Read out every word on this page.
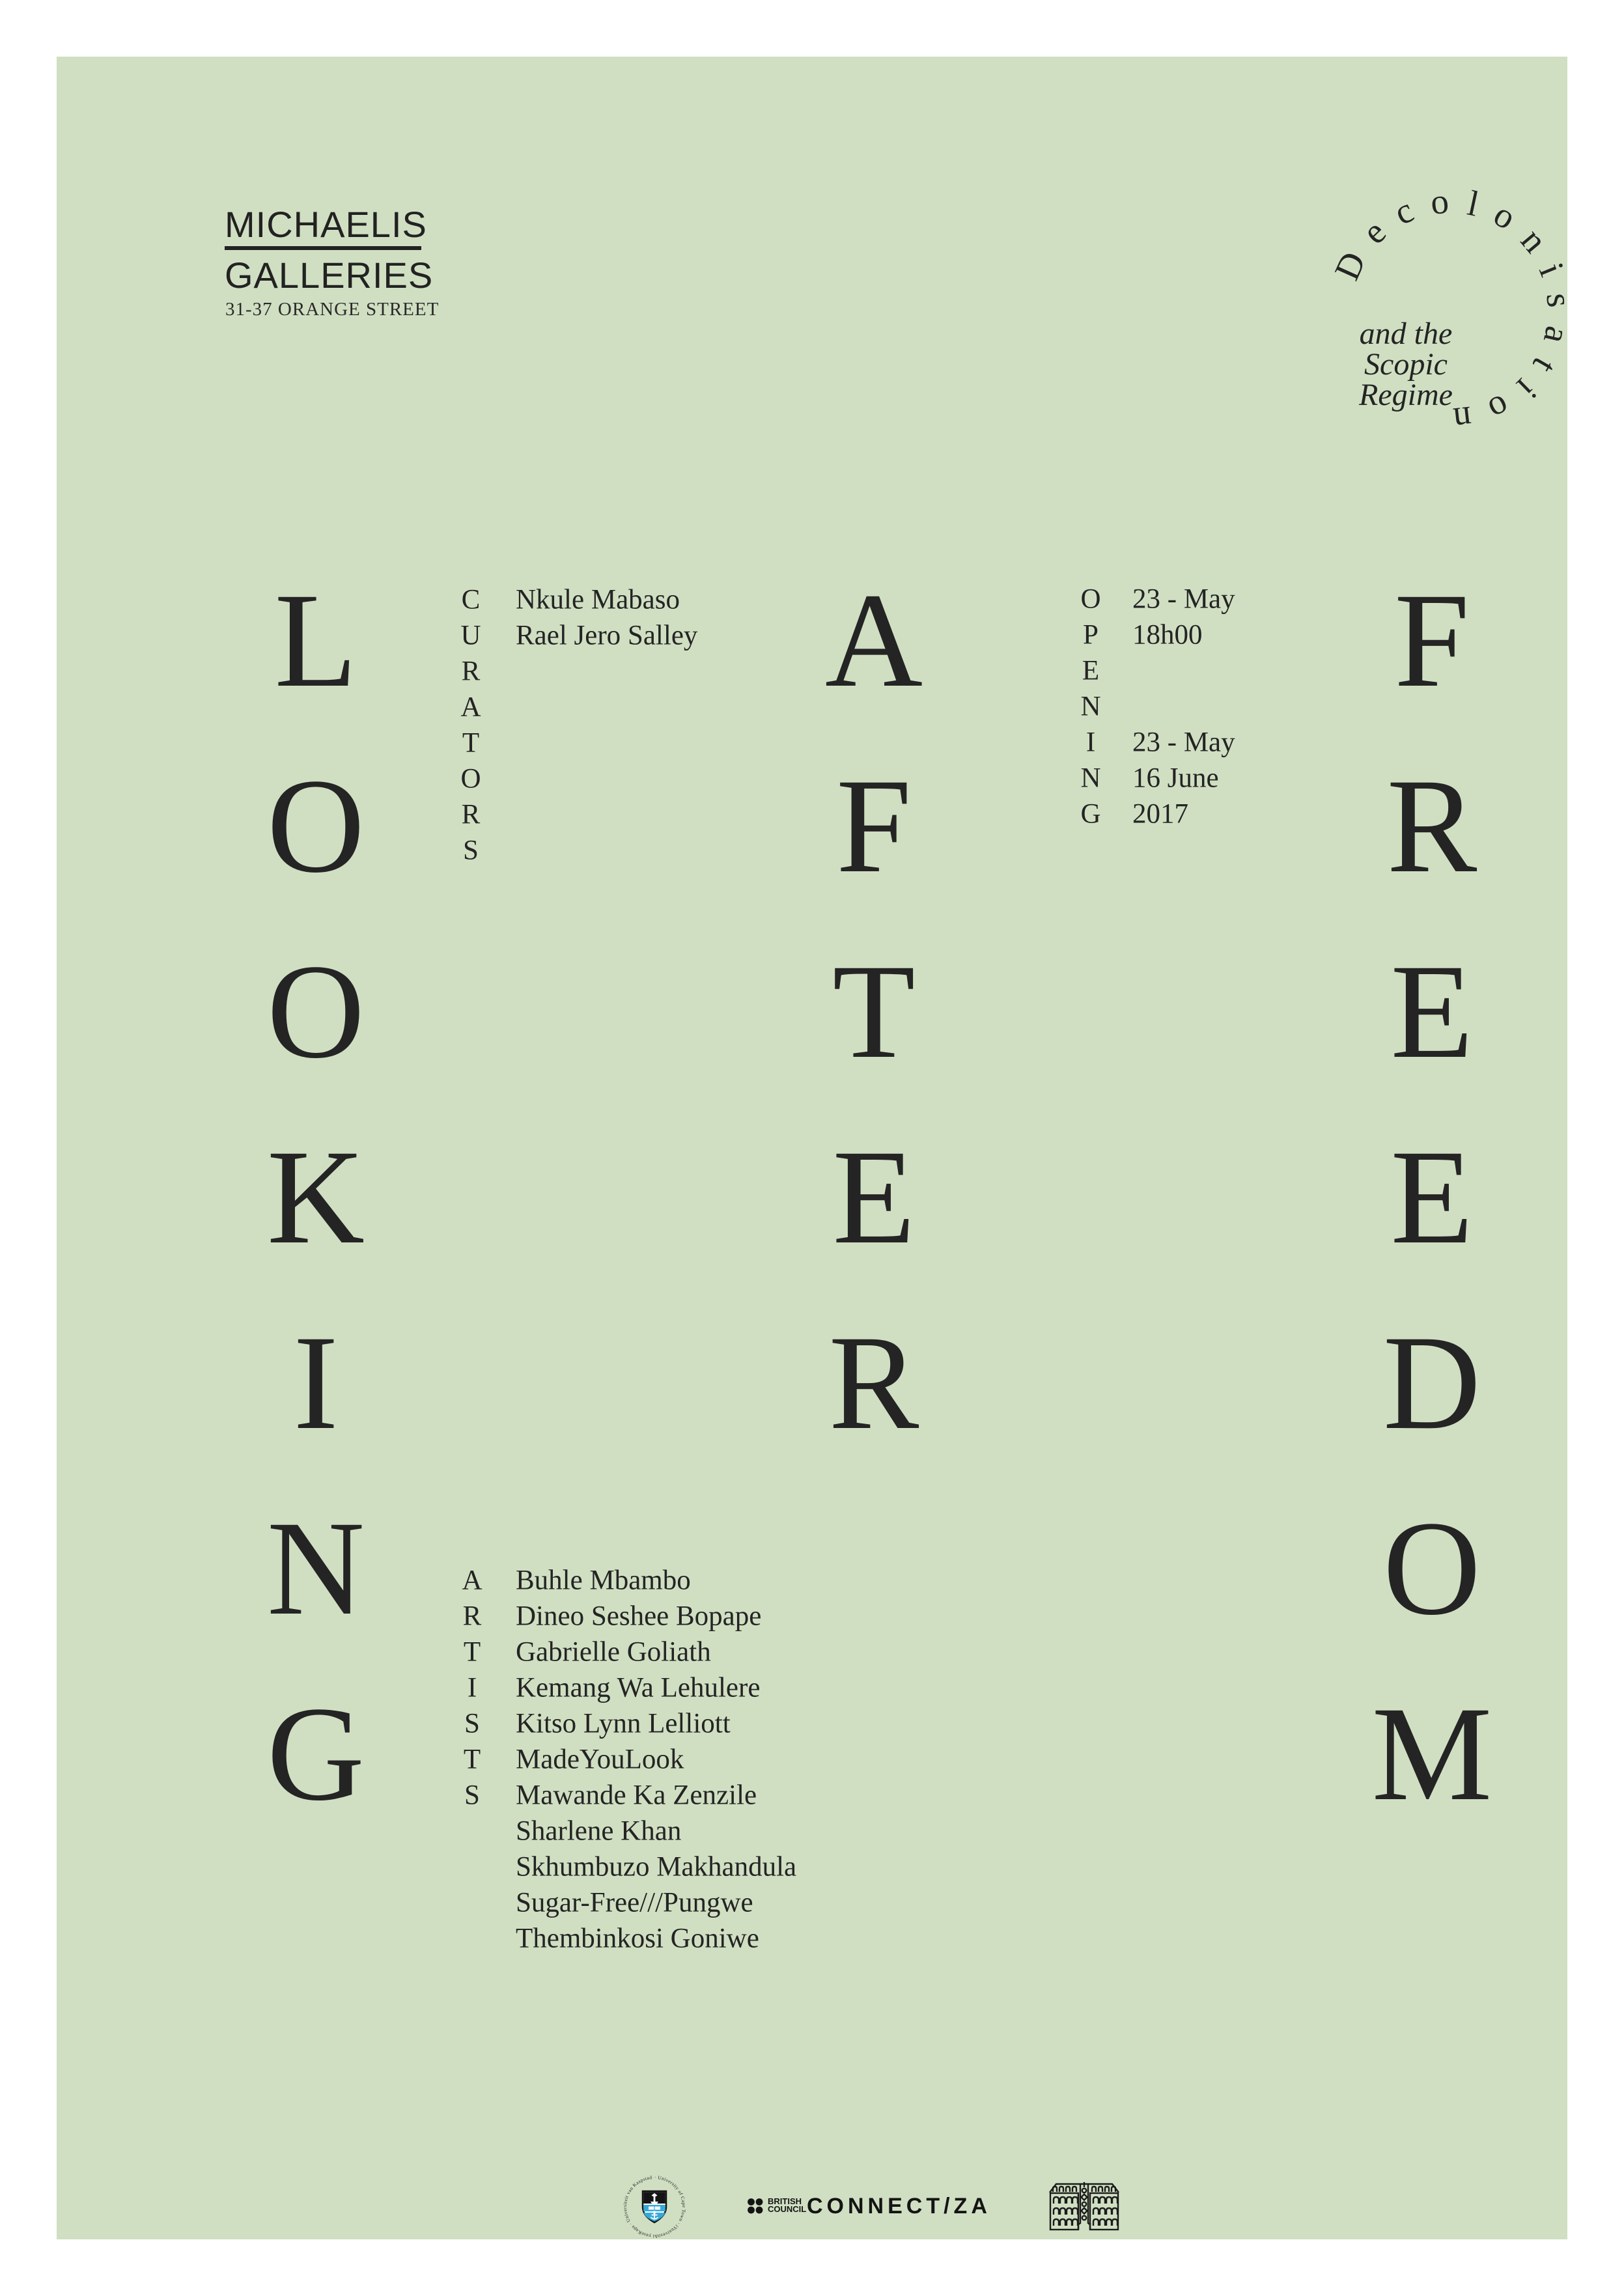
MICHAELIS
GALLERIES
31-37 ORANGE STREET
Decolonisation
and the
Scopic
Regime
L
O
O
K
I
N
G
A
F
T
E
R
F
R
E
E
D
O
M
C
U
R
A
T
O
R
S
Nkule Mabaso
Rael Jero Salley
O
P
E
N
I
N
G
23 - May
18h00
23 - May
16 June
2017
A
R
T
I
S
T
S
Buhle Mbambo
Dineo Seshee Bopape
Gabrielle Goliath
Kemang Wa Lehulere
Kitso Lynn Lelliott
MadeYouLook
Mawande Ka Zenzile
Sharlene Khan
Skhumbuzo Makhandula
Sugar-Free///Pungwe
Thembinkosi Goniwe
· University of Cape Town · iYunivesithi yaseKapa · Universiteit van Kaapstad
BRITISH
COUNCIL CONNECT/ZA
